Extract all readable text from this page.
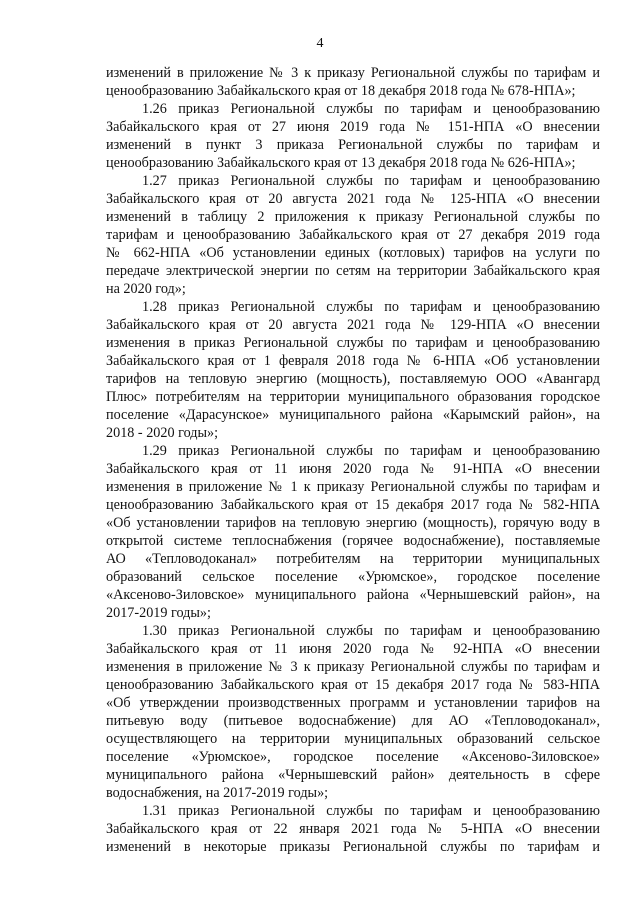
4
изменений в приложение № 3 к приказу Региональной службы по тарифам и
ценообразованию Забайкальского края от 18 декабря 2018 года № 678-НПА»;
1.26 приказ Региональной службы по тарифам и ценообразованию
Забайкальского края от 27 июня 2019 года № 151-НПА «О внесении
изменений в пункт 3 приказа Региональной службы по тарифам и
ценообразованию Забайкальского края от 13 декабря 2018 года № 626-НПА»;
1.27 приказ Региональной службы по тарифам и ценообразованию
Забайкальского края от 20 августа 2021 года № 125-НПА «О внесении
изменений в таблицу 2 приложения к приказу Региональной службы по
тарифам и ценообразованию Забайкальского края от 27 декабря 2019 года
№ 662-НПА «Об установлении единых (котловых) тарифов на услуги по
передаче электрической энергии по сетям на территории Забайкальского края
на 2020 год»;
1.28 приказ Региональной службы по тарифам и ценообразованию
Забайкальского края от 20 августа 2021 года № 129-НПА «О внесении
изменения в приказ Региональной службы по тарифам и ценообразованию
Забайкальского края от 1 февраля 2018 года № 6-НПА «Об установлении
тарифов на тепловую энергию (мощность), поставляемую ООО «Авангард
Плюс» потребителям на территории муниципального образования городское
поселение «Дарасунское» муниципального района «Карымский район», на
2018 - 2020 годы»;
1.29 приказ Региональной службы по тарифам и ценообразованию
Забайкальского края от 11 июня 2020 года № 91-НПА «О внесении
изменения в приложение № 1 к приказу Региональной службы по тарифам и
ценообразованию Забайкальского края от 15 декабря 2017 года № 582-НПА
«Об установлении тарифов на тепловую энергию (мощность), горячую воду в
открытой системе теплоснабжения (горячее водоснабжение), поставляемые
АО «Тепловодоканал» потребителям на территории муниципальных
образований сельское поселение «Урюмское», городское поселение
«Аксеново-Зиловское» муниципального района «Чернышевский район», на
2017-2019 годы»;
1.30 приказ Региональной службы по тарифам и ценообразованию
Забайкальского края от 11 июня 2020 года № 92-НПА «О внесении
изменения в приложение № 3 к приказу Региональной службы по тарифам и
ценообразованию Забайкальского края от 15 декабря 2017 года № 583-НПА
«Об утверждении производственных программ и установлении тарифов на
питьевую воду (питьевое водоснабжение) для АО «Тепловодоканал»,
осуществляющего на территории муниципальных образований сельское
поселение «Урюмское», городское поселение «Аксеново-Зиловское»
муниципального района «Чернышевский район» деятельность в сфере
водоснабжения, на 2017-2019 годы»;
1.31 приказ Региональной службы по тарифам и ценообразованию
Забайкальского края от 22 января 2021 года № 5-НПА «О внесении
изменений в некоторые приказы Региональной службы по тарифам и
